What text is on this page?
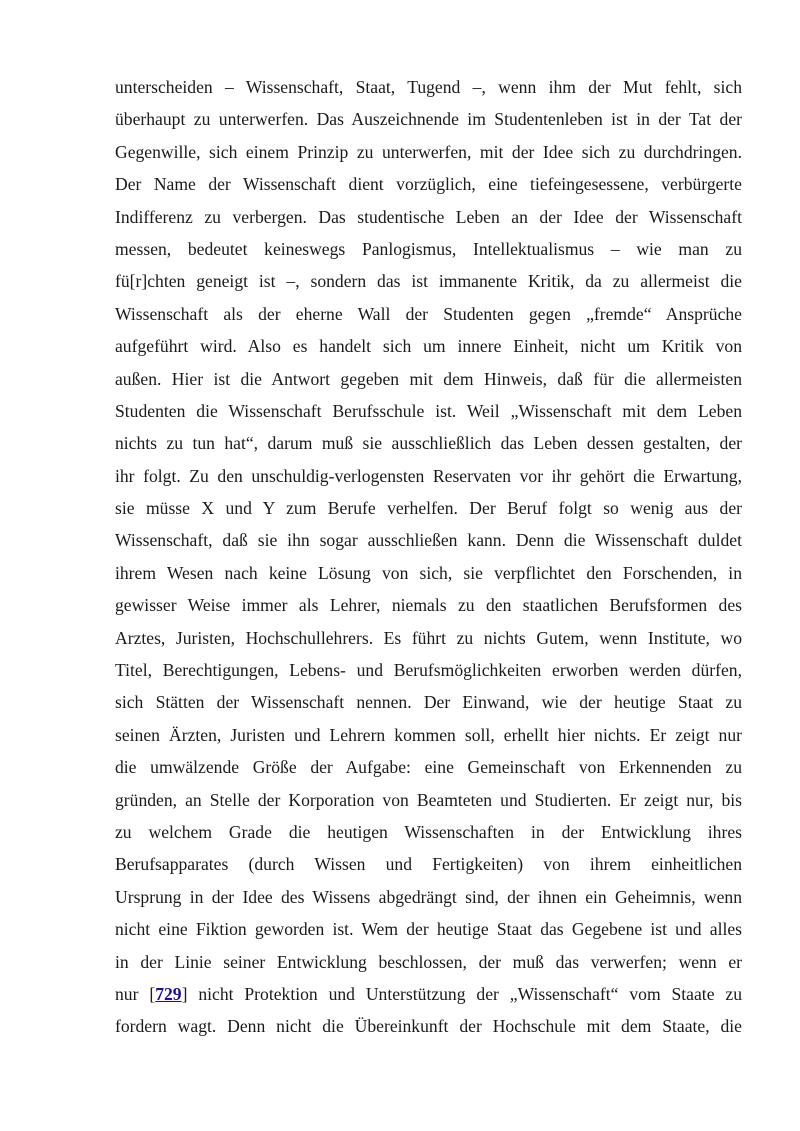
unterscheiden – Wissenschaft, Staat, Tugend –, wenn ihm der Mut fehlt, sich
überhaupt zu unterwerfen. Das Auszeichnende im Studentenleben ist in der Tat der
Gegenwille, sich einem Prinzip zu unterwerfen, mit der Idee sich zu durchdringen.
Der Name der Wissenschaft dient vorzüglich, eine tiefeingesessene, verbürgerte
Indifferenz zu verbergen. Das studentische Leben an der Idee der Wissenschaft
messen, bedeutet keineswegs Panlogismus, Intellektualismus – wie man zu
fü[r]chten geneigt ist –, sondern das ist immanente Kritik, da zu allermeist die
Wissenschaft als der eherne Wall der Studenten gegen „fremde“ Ansprüche
aufgeführt wird. Also es handelt sich um innere Einheit, nicht um Kritik von
außen. Hier ist die Antwort gegeben mit dem Hinweis, daß für die allermeisten
Studenten die Wissenschaft Berufsschule ist. Weil „Wissenschaft mit dem Leben
nichts zu tun hat“, darum muß sie ausschließlich das Leben dessen gestalten, der
ihr folgt. Zu den unschuldig-verlogensten Reservaten vor ihr gehört die Erwartung,
sie müsse X und Y zum Berufe verhelfen. Der Beruf folgt so wenig aus der
Wissenschaft, daß sie ihn sogar ausschließen kann. Denn die Wissenschaft duldet
ihrem Wesen nach keine Lösung von sich, sie verpflichtet den Forschenden, in
gewisser Weise immer als Lehrer, niemals zu den staatlichen Berufsformen des
Arztes, Juristen, Hochschullehrers. Es führt zu nichts Gutem, wenn Institute, wo
Titel, Berechtigungen, Lebens- und Berufsmöglichkeiten erworben werden dürfen,
sich Stätten der Wissenschaft nennen. Der Einwand, wie der heutige Staat zu
seinen Ärzten, Juristen und Lehrern kommen soll, erhellt hier nichts. Er zeigt nur
die umwälzende Größe der Aufgabe: eine Gemeinschaft von Erkennenden zu
gründen, an Stelle der Korporation von Beamteten und Studierten. Er zeigt nur, bis
zu welchem Grade die heutigen Wissenschaften in der Entwicklung ihres
Berufsapparates (durch Wissen und Fertigkeiten) von ihrem einheitlichen
Ursprung in der Idee des Wissens abgedrängt sind, der ihnen ein Geheimnis, wenn
nicht eine Fiktion geworden ist. Wem der heutige Staat das Gegebene ist und alles
in der Linie seiner Entwicklung beschlossen, der muß das verwerfen; wenn er
nur [729] nicht Protektion und Unterstützung der „Wissenschaft“ vom Staate zu
fordern wagt. Denn nicht die Übereinkunft der Hochschule mit dem Staate, die
